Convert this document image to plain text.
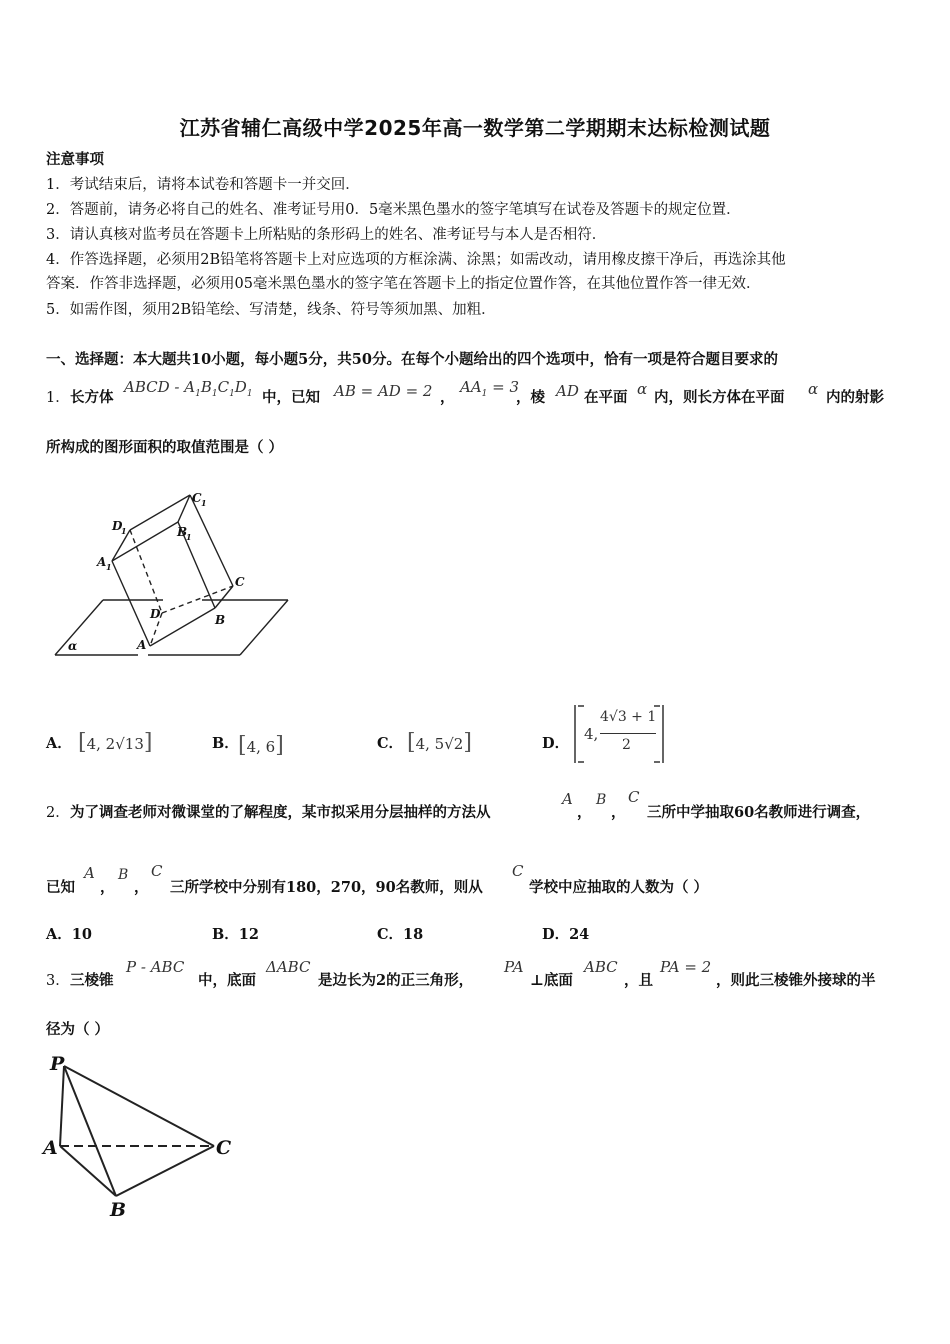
江苏省辅仁高级中学2025年高一数学第二学期期末达标检测试题
注意事项
1．考试结束后，请将本试卷和答题卡一并交回．
2．答题前，请务必将自己的姓名、准考证号用0．5毫米黑色墨水的签字笔填写在试卷及答题卡的规定位置．
3．请认真核对监考员在答题卡上所粘贴的条形码上的姓名、准考证号与本人是否相符．
4．作答选择题，必须用2B铅笔将答题卡上对应选项的方框涂满、涂黑；如需改动，请用橡皮擦干净后，再选涂其他
答案．作答非选择题，必须用05毫米黑色墨水的签字笔在答题卡上的指定位置作答，在其他位置作答一律无效．
5．如需作图，须用2B铅笔绘、写清楚，线条、符号等须加黑、加粗．
一、选择题：本大题共10小题，每小题5分，共50分。在每个小题给出的四个选项中，恰有一项是符合题目要求的
1． 长方体
ABCD - $A_1B_1C_1D_1$ 中，已知 AB = AD = 2 ，
$AA_1 = 3$
，棱 AD 在平面 α 内，则长方体在平面 α 内的射影
所构成的图形面积的取值范围是（ ）
C 1
D
1	B
1
A 1
C
D	B
A
α
A． [4, 2√13]	B． [4, 6]	C． [4, 5√2]	D．
4,
4√3 + 1
2
2． 为了调查老师对微课堂的了解程度，某市拟采用分层抽样的方法从
A
，
B
，
C
三所中学抽取60名教师进行调查，
已知
A
，
B
，
C
三所学校中分别有180，270，90名教师，则从
C
学校中应抽取的人数为（ ）
A．10	B．12	C．18	D．24
3． 三棱锥
P - ABC
中，底面
ΔABC
是边长为2的正三角形，
PA
⊥底面
ABC
，且
PA = 2
，则此三棱锥外接球的半
径为（ ）
P
A	C
B
